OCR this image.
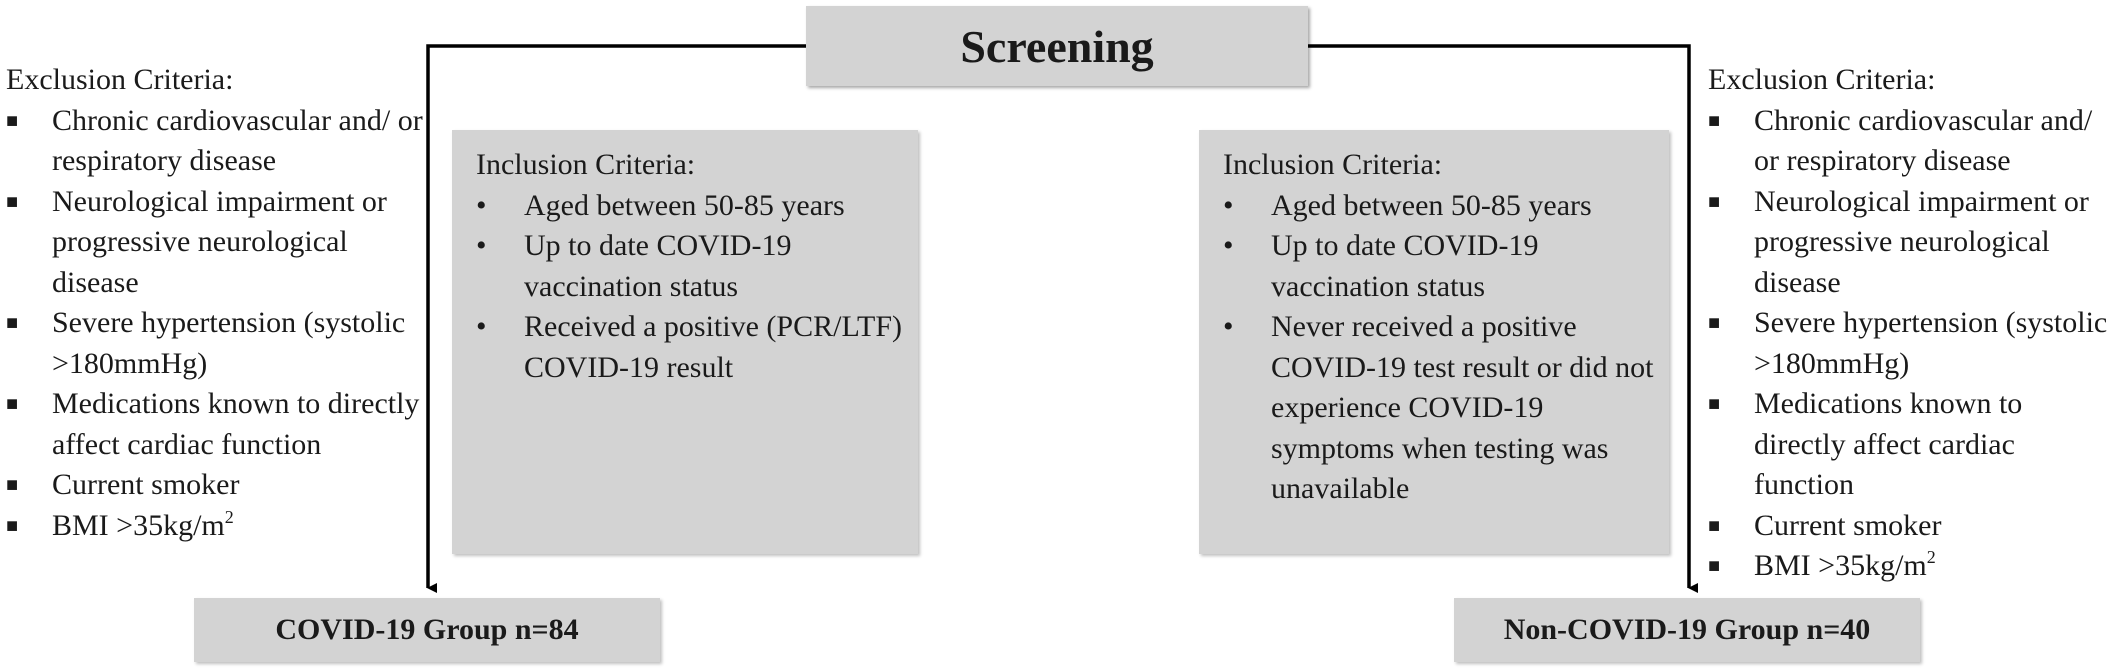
Screening
Exclusion Criteria:
■	Chronic cardiovascular and/ or respiratory disease
■	Neurological impairment or progressive neurological disease
■	Severe hypertension (systolic >180mmHg)
■	Medications known to directly affect cardiac function
■	Current smoker
■	BMI $>35kg/m^2$
Inclusion Criteria:
•	Aged between 50-85 years
•	Up to date COVID-19 vaccination status
•	Received a positive (PCR/LTF) COVID-19 result
Inclusion Criteria:
•	Aged between 50-85 years
•	Up to date COVID-19 vaccination status
•	Never received a positive COVID-19 test result or did not experience COVID-19 symptoms when testing was unavailable
Exclusion Criteria:
■	Chronic cardiovascular and/ or respiratory disease
■	Neurological impairment or progressive neurological disease
■	Severe hypertension (systolic >180mmHg)
■	Medications known to directly affect cardiac function
■	Current smoker
■	BMI $>35kg/m^2$
COVID-19 Group n=84	Non-COVID-19 Group n=40
